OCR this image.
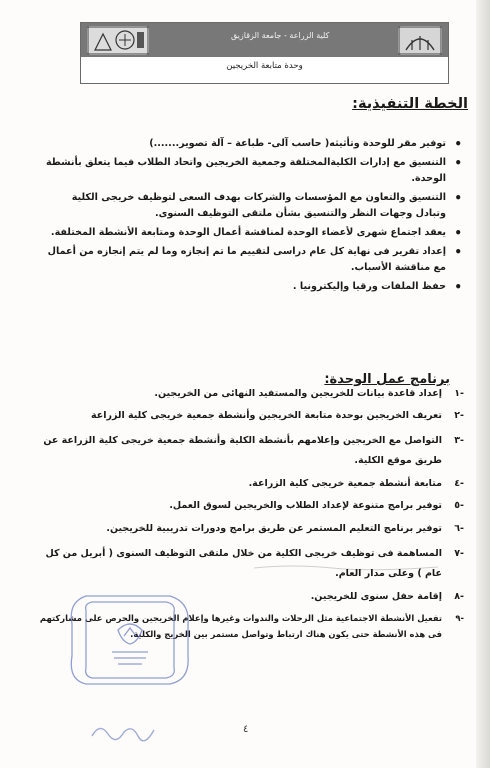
كلية الزراعة - جامعة الزقازيق
وحدة متابعة الخريجين
الخطة التنفيذية:
• توفير مقر للوحدة وتأثيثه( حاسب آلى- طباعة – آلة تصوير.......)
• التنسيق مع إدارات الكليةالمختلفة وجمعية الخريجين واتحاد الطلاب فيما يتعلق بأنشطة الوحدة.
• التنسيق والتعاون مع المؤسسات والشركات بهدف السعى لتوظيف خريجى الكلية وتبادل وجهات النظر والتنسيق بشأن ملتقى التوظيف السنوى.
• يعقد اجتماع شهرى لأعضاء الوحدة لمناقشة أعمال الوحدة ومتابعة الأنشطة المختلفة.
• إعداد تقرير فى نهاية كل عام دراسى لتقييم ما تم إنجازه وما لم يتم إنجازه من أعمال مع مناقشة الأسباب.
• حفظ الملفات ورقيا وإليكترونيا .
برنامج عمل الوحدة:
-١
إعداد قاعدة بيانات للخريجين والمستفيد النهائى من الخريجين.
-٢
تعريف الخريجين بوحدة متابعة الخريجين وأنشطة جمعية خريجى كلية الزراعة
-٣
التواصل مع الخريجين وإعلامهم بأنشطة الكلية وأنشطة جمعية خريجى كلية الزراعة عن طريق موقع الكلية.
-٤
متابعة أنشطة جمعية خريجى كلية الزراعة.
-٥
توفير برامج متنوعة لإعداد الطلاب والخريجين لسوق العمل.
-٦
توفير برنامج التعليم المستمر عن طريق برامج ودورات تدريبية للخريجين.
-٧
المساهمة فى توظيف خريجى الكلية من خلال ملتقى التوظيف السنوى ( أبريل من كل عام ) وعلى مدار العام.
-٨
إقامة حفل سنوى للخريجين.
-٩
تفعيل الأنشطة الاجتماعية مثل الرحلات والندوات وغيرها وإعلام الخريجين والحرص على مشاركتهم فى هذه الأنشطة حتى يكون هناك ارتباط وتواصل مستمر بين الخريج والكلية.
٤
